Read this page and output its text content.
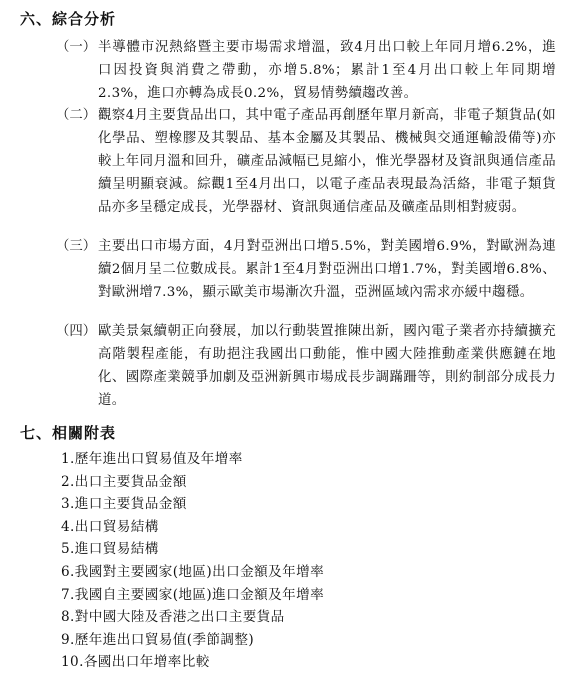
六、綜合分析
（一） 半導體市況熱絡暨主要市場需求增溫，致4月出口較上年同月增6.2%，進口因投資與消費之帶動，亦增5.8%；累計1至4月出口較上年同期增2.3%，進口亦轉為成長0.2%，貿易情勢續趨改善。
（二） 觀察4月主要貨品出口，其中電子產品再創歷年單月新高，非電子類貨品(如化學品、塑橡膠及其製品、基本金屬及其製品、機械與交通運輸設備等)亦較上年同月溫和回升，礦產品減幅已見縮小，惟光學器材及資訊與通信產品續呈明顯衰減。綜觀1至4月出口，以電子產品表現最為活絡，非電子類貨品亦多呈穩定成長，光學器材、資訊與通信產品及礦產品則相對疲弱。
（三） 主要出口市場方面，4月對亞洲出口增5.5%，對美國增6.9%，對歐洲為連續2個月呈二位數成長。累計1至4月對亞洲出口增1.7%，對美國增6.8%、對歐洲增7.3%，顯示歐美市場漸次升溫，亞洲區域內需求亦緩中趨穩。
（四） 歐美景氣續朝正向發展，加以行動裝置推陳出新，國內電子業者亦持續擴充高階製程產能，有助挹注我國出口動能，惟中國大陸推動產業供應鏈在地化、國際產業競爭加劇及亞洲新興市場成長步調蹣跚等，則約制部分成長力道。
七、相關附表
1.歷年進出口貿易值及年增率
2.出口主要貨品金額
3.進口主要貨品金額
4.出口貿易結構
5.進口貿易結構
6.我國對主要國家(地區)出口金額及年增率
7.我國自主要國家(地區)進口金額及年增率
8.對中國大陸及香港之出口主要貨品
9.歷年進出口貿易值(季節調整)
10.各國出口年增率比較
